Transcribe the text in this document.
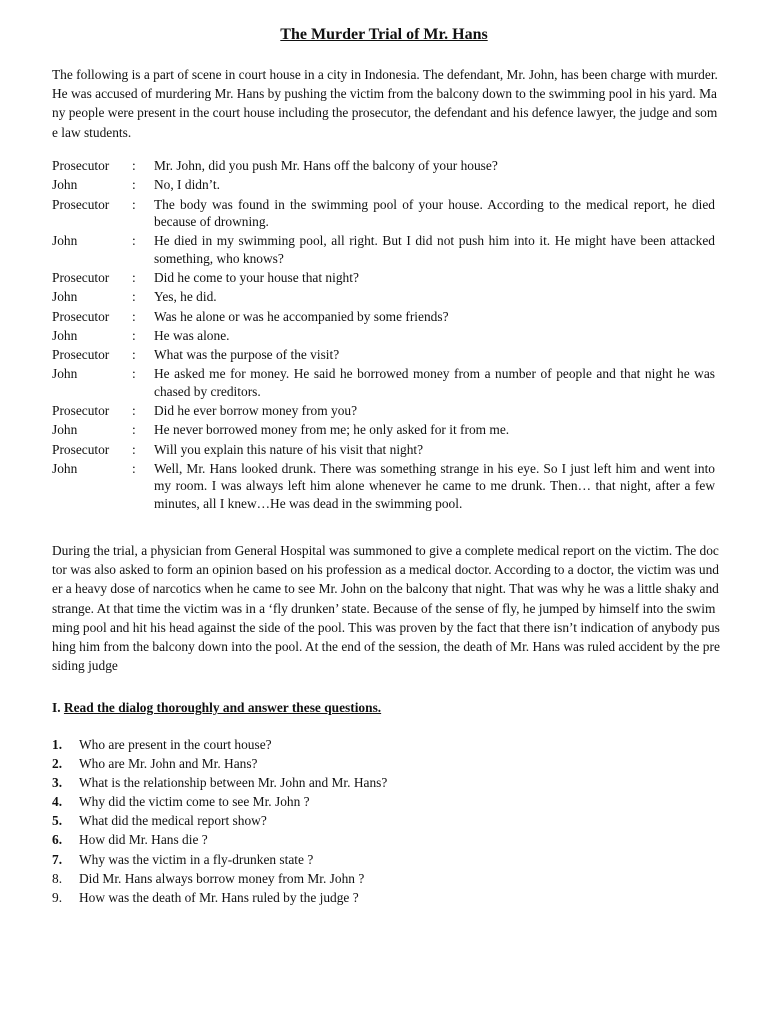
The Murder Trial of Mr. Hans

The following is a part of scene in court house in a city in Indonesia. The defendant, Mr. John, has been charge with murder. He was accused of murdering Mr. Hans by pushing the victim from the balcony down to the swimming pool in his yard. Many people were present in the court house including the prosecutor, the defendant and his defence lawyer, the judge and some law students.

Prosecutor	:	Mr. John, did you push Mr. Hans off the balcony of your house?
John	:	No, I didn’t.
Prosecutor	:	The body was found in the swimming pool of your house. According to the medical report, he died because of drowning.
John	:	He died in my swimming pool, all right. But I did not push him into it. He might have been attacked something, who knows?
Prosecutor	:	Did he come to your house that night?
John	:	Yes, he did.
Prosecutor	:	Was he alone or was he accompanied by some friends?
John	:	He was alone.
Prosecutor	:	What was the purpose of the visit?
John	:	He asked me for money. He said he borrowed money from a number of people and that night he was chased by creditors.
Prosecutor	:	Did he ever borrow money from you?
John	:	He never borrowed money from me; he only asked for it from me.
Prosecutor	:	Will you explain this nature of his visit that night?
John	:	Well, Mr. Hans looked drunk. There was something strange in his eye. So I just left him and went into my room. I was always left him alone whenever he came to me drunk. Then… that night, after a few minutes, all I knew…He was dead in the swimming pool.

During the trial, a physician from General Hospital was summoned to give a complete medical report on the victim. The doctor was also asked to form an opinion based on his profession as a medical doctor. According to a doctor, the victim was under a heavy dose of narcotics when he came to see Mr. John on the balcony that night. That was why he was a little shaky and strange. At that time the victim was in a ‘fly drunken’ state. Because of the sense of fly, he jumped by himself into the swimming pool and hit his head against the side of the pool. This was proven by the fact that there isn’t indication of anybody pushing him from the balcony down into the pool. At the end of the session, the death of Mr. Hans was ruled accident by the presiding judge

I. Read the dialog thoroughly and answer these questions.

1.	Who are present in the court house?
2.	Who are Mr. John and Mr. Hans?
3.	What is the relationship between Mr. John and Mr. Hans?
4.	Why did the victim come to see Mr. John ?
5.	What did the medical report show?
6.	How did Mr. Hans die ?
7.	Why was the victim in a fly-drunken state ?
8.	Did Mr. Hans always borrow money from Mr. John ?
9.	How was the death of Mr. Hans ruled by the judge ?
